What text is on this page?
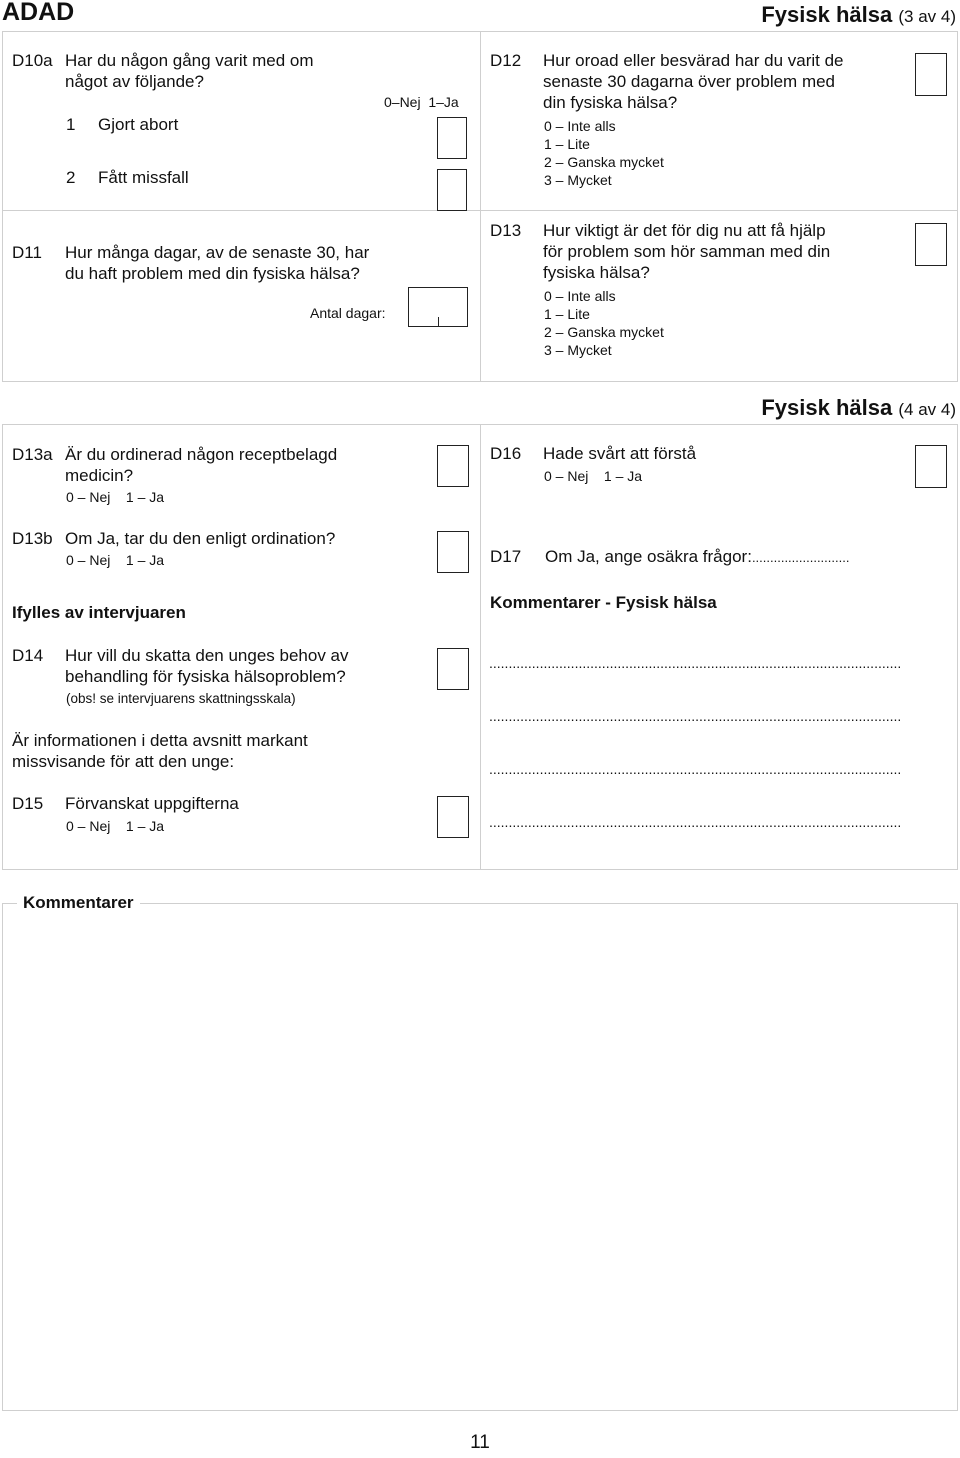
ADAD	Fysisk hälsa (3 av 4)
D10a Har du någon gång varit med om
något av följande?
0–Nej  1–Ja
1 Gjort abort
2 Fått missfall
D11 Hur många dagar, av de senaste 30, har
du haft problem med din fysiska hälsa?
Antal dagar:
D12 Hur oroad eller besvärad har du varit de
senaste 30 dagarna över problem med
din fysiska hälsa?
0 – Inte alls
1 – Lite
2 – Ganska mycket
3 – Mycket
D13 Hur viktigt är det för dig nu att få hjälp
för problem som hör samman med din
fysiska hälsa?
0 – Inte alls
1 – Lite
2 – Ganska mycket
3 – Mycket
Fysisk hälsa (4 av 4)
D13a Är du ordinerad någon receptbelagd
medicin?
0 – Nej    1 – Ja
D13b Om Ja, tar du den enligt ordination?
0 – Nej    1 – Ja
Ifylles av intervjuaren
D14 Hur vill du skatta den unges behov av
behandling för fysiska hälsoproblem?
(obs! se intervjuarens skattningsskala)
Är informationen i detta avsnitt markant
missvisande för att den unge:
D15 Förvanskat uppgifterna
0 – Nej    1 – Ja
D16 Hade svårt att förstå
0 – Nej    1 – Ja
D17 Om Ja, ange osäkra frågor:...........................
Kommentarer - Fysisk hälsa
..........................................................................................................
..........................................................................................................
..........................................................................................................
..........................................................................................................
Kommentarer
11
